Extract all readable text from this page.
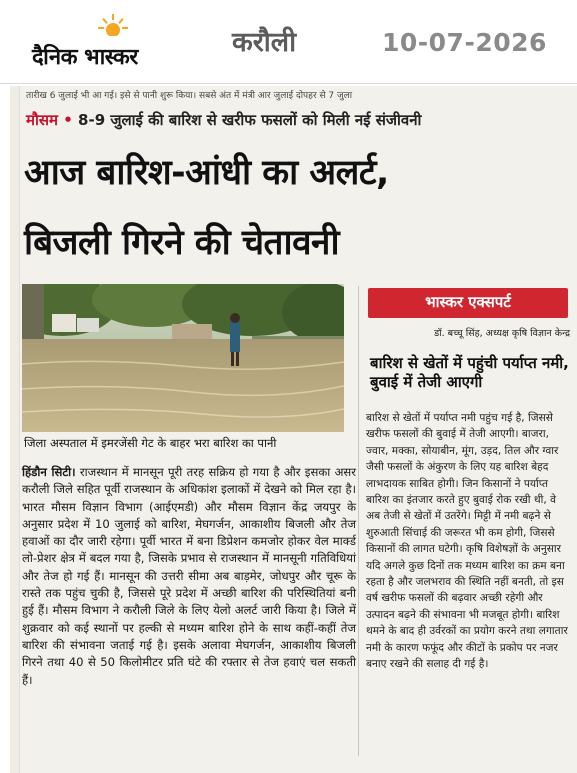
दैनिक भास्कर	करौली	10-07-2026
तारीख 6 जुलाई भी आ गई। इसे से पानी शुरू किया। सबसे अंत में मंत्री आर जुलाई दोपहर से 7 जुला
मौसम • 8-9 जुलाई की बारिश से खरीफ फसलों को मिली नई संजीवनी
आज बारिश-आंधी का अलर्ट,
बिजली गिरने की चेतावनी
जिला अस्पताल में इमरजेंसी गेट के बाहर भरा बारिश का पानी
हिंडौन सिटी। राजस्थान में मानसून पूरी तरह सक्रिय हो गया है और इसका असर करौली जिले सहित पूर्वी राजस्थान के अधिकांश इलाकों में देखने को मिल रहा है। भारत मौसम विज्ञान विभाग (आईएमडी) और मौसम विज्ञान केंद्र जयपुर के अनुसार प्रदेश में 10 जुलाई को बारिश, मेघगर्जन, आकाशीय बिजली और तेज हवाओं का दौर जारी रहेगा। पूर्वी भारत में बना डिप्रेशन कमजोर होकर वेल मार्क्ड लो-प्रेशर क्षेत्र में बदल गया है, जिसके प्रभाव से राजस्थान में मानसूनी गतिविधियां और तेज हो गई हैं। मानसून की उत्तरी सीमा अब बाड़मेर, जोधपुर और चूरू के रास्ते तक पहुंच चुकी है, जिससे पूरे प्रदेश में अच्छी बारिश की परिस्थितियां बनी हुई हैं। मौसम विभाग ने करौली जिले के लिए येलो अलर्ट जारी किया है। जिले में शुक्रवार को कई स्थानों पर हल्की से मध्यम बारिश होने के साथ कहीं-कहीं तेज बारिश की संभावना जताई गई है। इसके अलावा मेघगर्जन, आकाशीय बिजली गिरने तथा 40 से 50 किलोमीटर प्रति घंटे की रफ्तार से तेज हवाएं चल सकती हैं।
भास्कर एक्सपर्ट
डॉ. बच्चू सिंह, अध्यक्ष कृषि विज्ञान केन्द्र
बारिश से खेतों में पहुंची पर्याप्त नमी, बुवाई में तेजी आएगी
बारिश से खेतों में पर्याप्त नमी पहुंच गई है, जिससे खरीफ फसलों की बुवाई में तेजी आएगी। बाजरा, ज्वार, मक्का, सोयाबीन, मूंग, उड़द, तिल और ग्वार जैसी फसलों के अंकुरण के लिए यह बारिश बेहद लाभदायक साबित होगी। जिन किसानों ने पर्याप्त बारिश का इंतजार करते हुए बुवाई रोक रखी थी, वे अब तेजी से खेतों में उतरेंगे। मिट्टी में नमी बढ़ने से शुरुआती सिंचाई की जरूरत भी कम होगी, जिससे किसानों की लागत घटेगी। कृषि विशेषज्ञों के अनुसार यदि अगले कुछ दिनों तक मध्यम बारिश का क्रम बना रहता है और जलभराव की स्थिति नहीं बनती, तो इस वर्ष खरीफ फसलों की बढ़वार अच्छी रहेगी और उत्पादन बढ़ने की संभावना भी मजबूत होगी। बारिश थमने के बाद ही उर्वरकों का प्रयोग करने तथा लगातार नमी के कारण फफूंद और कीटों के प्रकोप पर नजर बनाए रखने की सलाह दी गई है।
